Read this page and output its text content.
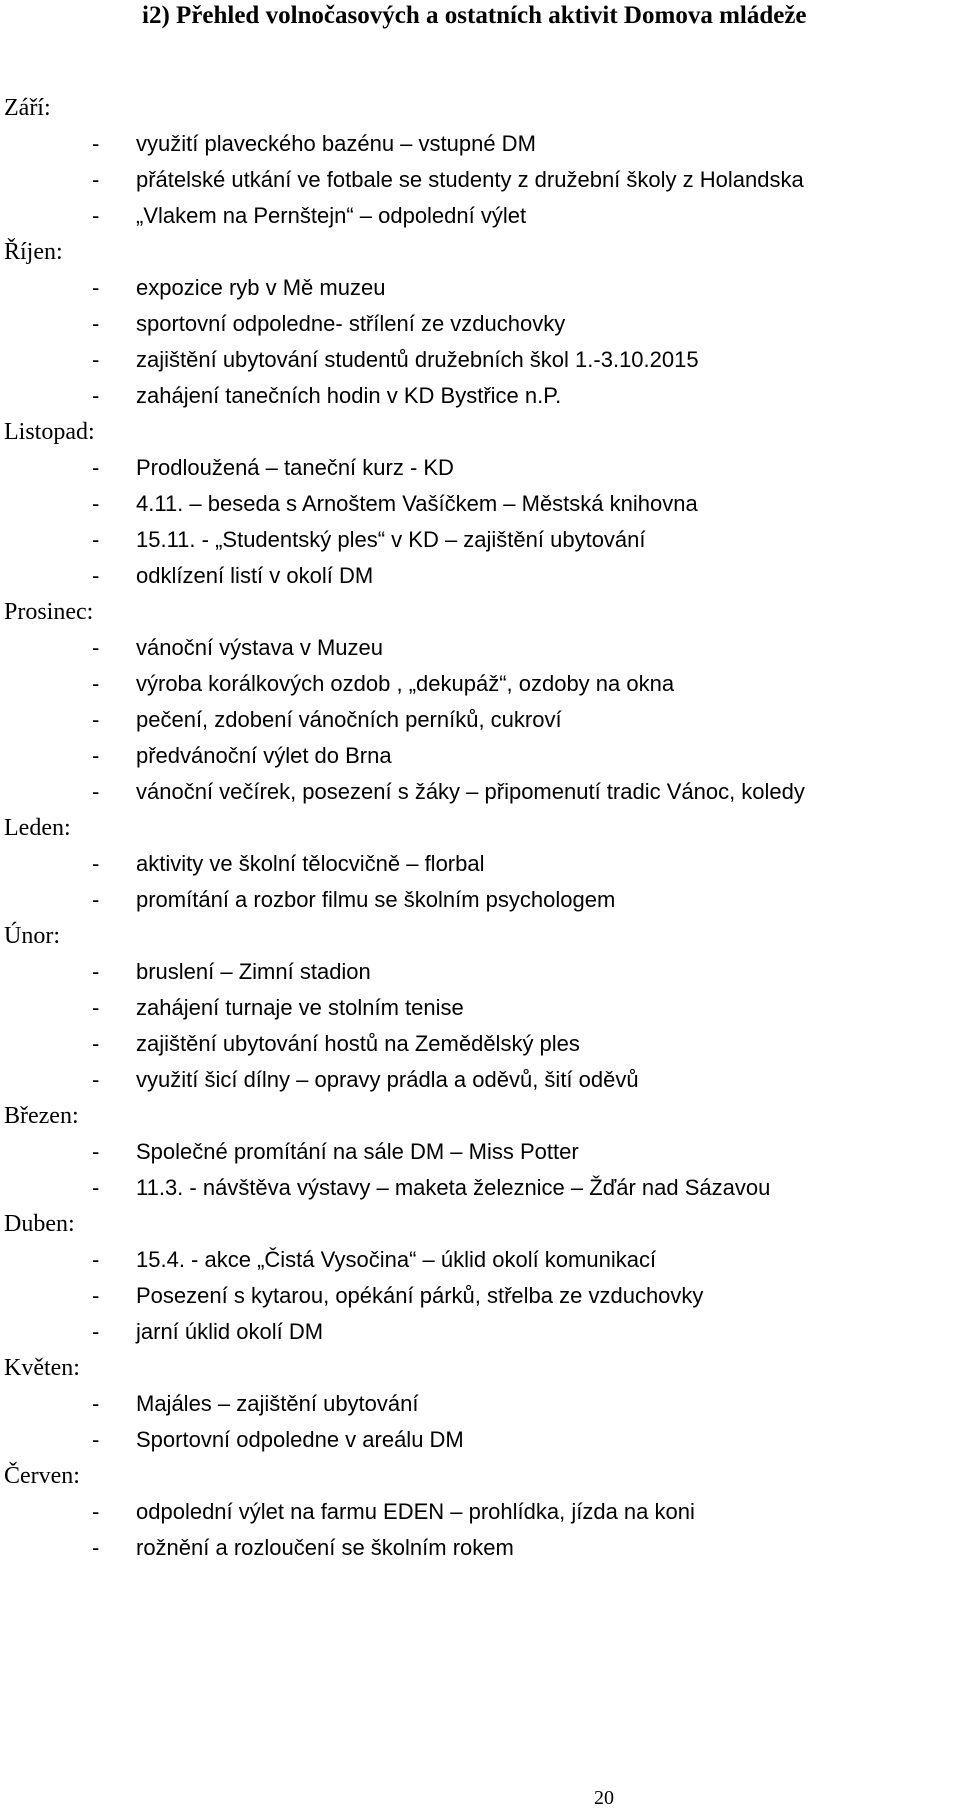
i2) Přehled volnočasových a ostatních aktivit Domova mládeže
Září:
- využití plaveckého bazénu – vstupné DM
- přátelské utkání ve fotbale se studenty z družební školy z Holandska
- „Vlakem na Pernštejn“ – odpolední výlet
Říjen:
- expozice ryb v Mě muzeu
- sportovní odpoledne- střílení ze vzduchovky
- zajištění ubytování studentů družebních škol 1.-3.10.2015
- zahájení tanečních hodin v KD Bystřice n.P.
Listopad:
- Prodloužená – taneční kurz - KD
- 4.11. – beseda s Arnoštem Vašíčkem – Městská knihovna
- 15.11. - „Studentský ples“ v KD – zajištění ubytování
- odklízení listí v okolí DM
Prosinec:
- vánoční výstava v Muzeu
- výroba korálkových ozdob , „dekupáž“, ozdoby na okna
- pečení, zdobení vánočních perníků, cukroví
- předvánoční výlet do Brna
- vánoční večírek, posezení s žáky – připomenutí tradic Vánoc, koledy
Leden:
- aktivity ve školní tělocvičně – florbal
- promítání a rozbor filmu se školním psychologem
Únor:
- bruslení – Zimní stadion
- zahájení turnaje ve stolním tenise
- zajištění ubytování hostů na Zemědělský ples
- využití šicí dílny – opravy prádla a oděvů, šití oděvů
Březen:
- Společné promítání na sále DM – Miss Potter
- 11.3. - návštěva výstavy – maketa železnice – Žďár nad Sázavou
Duben:
- 15.4. - akce „Čistá Vysočina“ – úklid okolí komunikací
- Posezení s kytarou, opékání párků, střelba ze vzduchovky
- jarní úklid okolí DM
Květen:
- Majáles – zajištění ubytování
- Sportovní odpoledne v areálu DM
Červen:
- odpolední výlet na farmu EDEN – prohlídka, jízda na koni
- rožnění a rozloučení se školním rokem
20
